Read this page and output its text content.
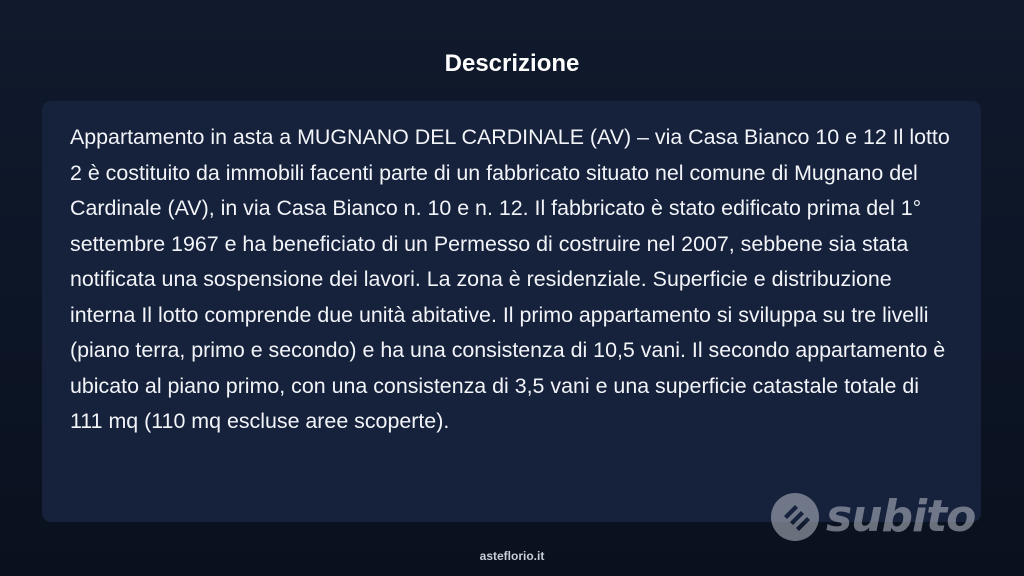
Descrizione

Appartamento in asta a MUGNANO DEL CARDINALE (AV) – via Casa Bianco 10 e 12 Il lotto 2 è costituito da immobili facenti parte di un fabbricato situato nel comune di Mugnano del Cardinale (AV), in via Casa Bianco n. 10 e n. 12. Il fabbricato è stato edificato prima del 1° settembre 1967 e ha beneficiato di un Permesso di costruire nel 2007, sebbene sia stata notificata una sospensione dei lavori. La zona è residenziale. Superficie e distribuzione interna Il lotto comprende due unità abitative. Il primo appartamento si sviluppa su tre livelli (piano terra, primo e secondo) e ha una consistenza di 10,5 vani. Il secondo appartamento è ubicato al piano primo, con una consistenza di 3,5 vani e una superficie catastale totale di 111 mq (110 mq escluse aree scoperte).

subito
asteflorio.it
